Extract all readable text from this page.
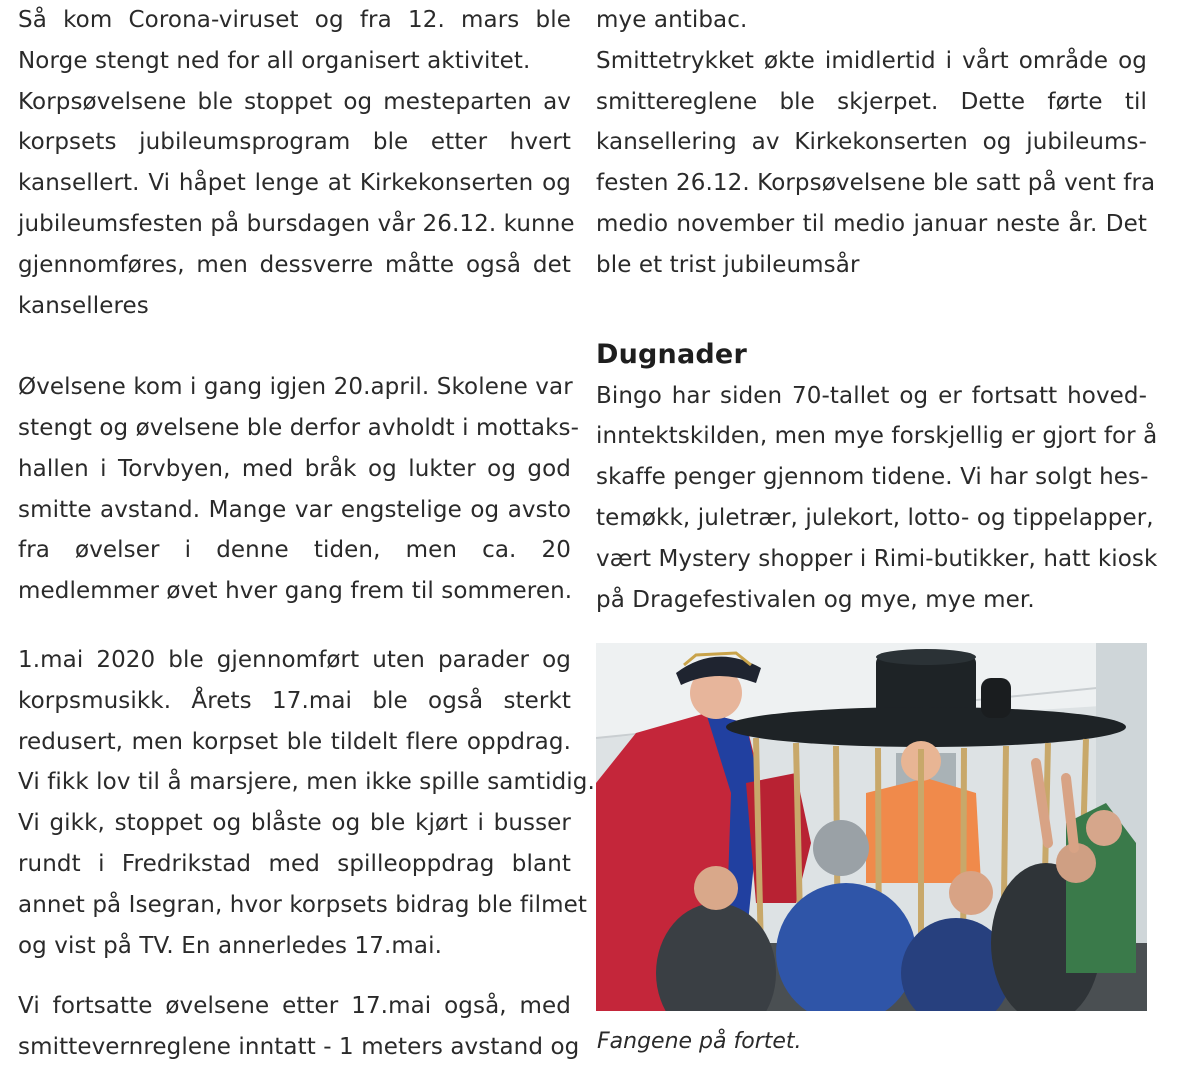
Så kom Corona-viruset og fra 12. mars ble
Norge stengt ned for all organisert aktivitet.

Korpsøvelsene ble stoppet og mesteparten av
korpsets jubileumsprogram ble etter hvert
kansellert. Vi håpet lenge at Kirkekonserten og
jubileumsfesten på bursdagen vår 26.12. kunne
gjennomføres, men dessverre måtte også det
kanselleres

Øvelsene kom i gang igjen 20.april. Skolene var
stengt og øvelsene ble derfor avholdt i mottaks-
hallen i Torvbyen, med bråk og lukter og god
smitte avstand. Mange var engstelige og avsto
fra øvelser i denne tiden, men ca. 20
medlemmer øvet hver gang frem til sommeren.

1.mai 2020 ble gjennomført uten parader og
korpsmusikk. Årets 17.mai ble også sterkt
redusert, men korpset ble tildelt flere oppdrag.
Vi fikk lov til å marsjere, men ikke spille samtidig.
Vi gikk, stoppet og blåste og ble kjørt i busser
rundt i Fredrikstad med spilleoppdrag blant
annet på Isegran, hvor korpsets bidrag ble filmet
og vist på TV. En annerledes 17.mai.

Vi fortsatte øvelsene etter 17.mai også, med
smittevernreglene inntatt - 1 meters avstand og

mye antibac.
Smittetrykket økte imidlertid i vårt område og
smittereglene ble skjerpet. Dette førte til
kansellering av Kirkekonserten og jubileums-
festen 26.12. Korpsøvelsene ble satt på vent fra
medio november til medio januar neste år. Det
ble et trist jubileumsår

Dugnader

Bingo har siden 70-tallet og er fortsatt hoved-
inntektskilden, men mye forskjellig er gjort for å
skaffe penger gjennom tidene. Vi har solgt hes-
temøkk, juletrær, julekort, lotto- og tippelapper,
vært Mystery shopper i Rimi-butikker, hatt kiosk
på Dragefestivalen og mye, mye mer.

Fangene på fortet.
